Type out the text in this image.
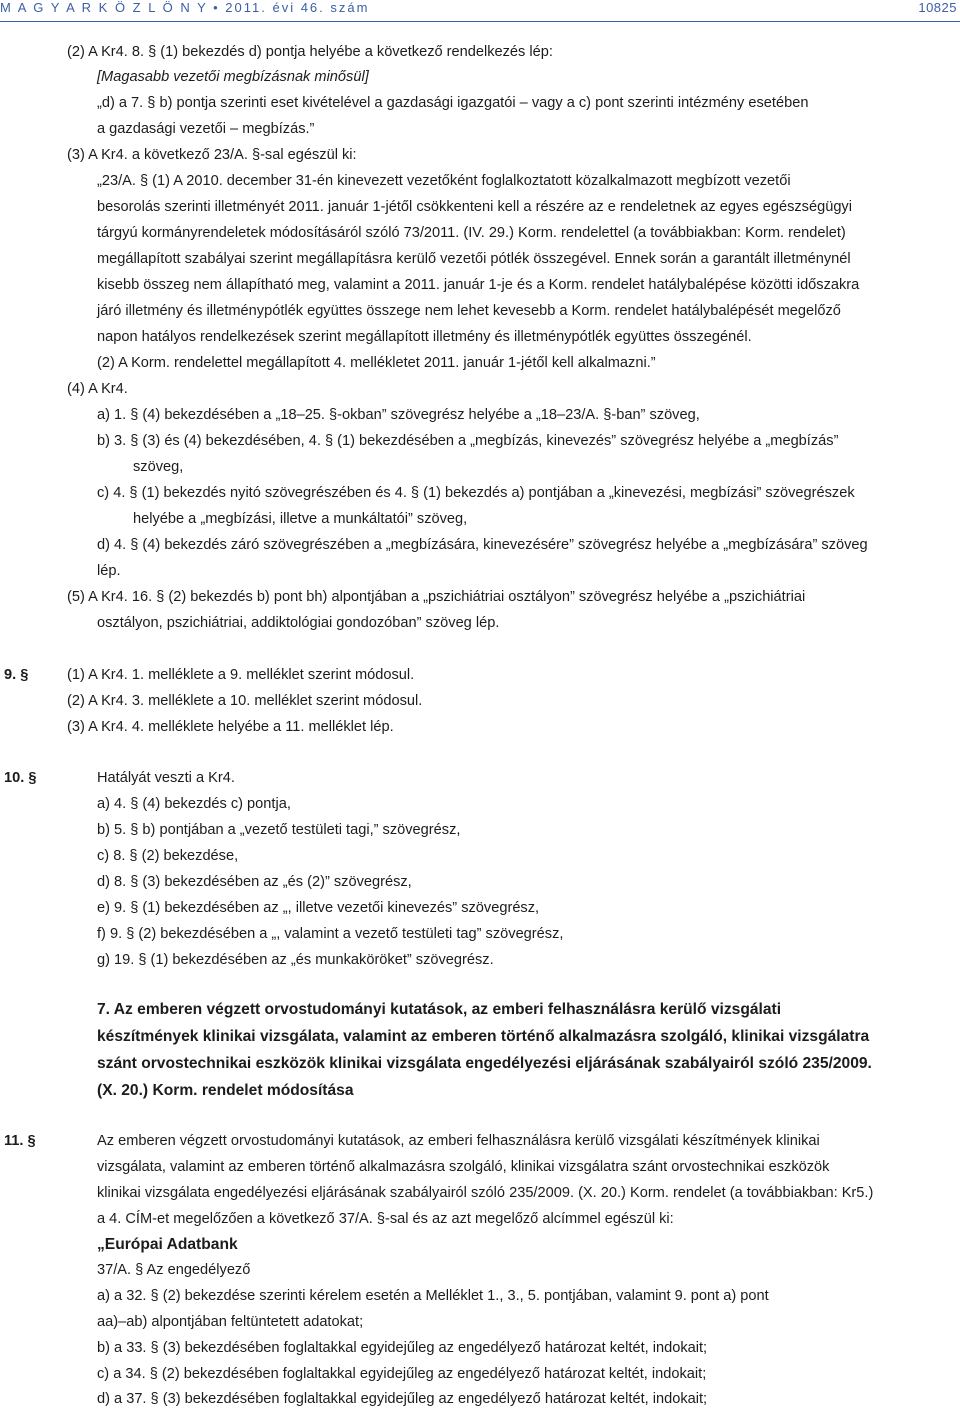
M A G Y A R K Ö Z L Ö N Y • 2011. évi 46. szám	10825
(2) A Kr4. 8. § (1) bekezdés d) pontja helyébe a következő rendelkezés lép:
[Magasabb vezetői megbízásnak minősül]
„d) a 7. § b) pontja szerinti eset kivételével a gazdasági igazgatói – vagy a c) pont szerinti intézmény esetében
a gazdasági vezetői – megbízás.”
(3) A Kr4. a következő 23/A. §-sal egészül ki:
„23/A. § (1) A 2010. december 31-én kinevezett vezetőként foglalkoztatott közalkalmazott megbízott vezetői
besorolás szerinti illetményét 2011. január 1-jétől csökkenteni kell a részére az e rendeletnek az egyes egészségügyi
tárgyú kormányrendeletek módosításáról szóló 73/2011. (IV. 29.) Korm. rendelettel (a továbbiakban: Korm. rendelet)
megállapított szabályai szerint megállapításra kerülő vezetői pótlék összegével. Ennek során a garantált illetménynél
kisebb összeg nem állapítható meg, valamint a 2011. január 1-je és a Korm. rendelet hatálybalépése közötti időszakra
járó illetmény és illetménypótlék együttes összege nem lehet kevesebb a Korm. rendelet hatálybalépését megelőző
napon hatályos rendelkezések szerint megállapított illetmény és illetménypótlék együttes összegénél.
(2) A Korm. rendelettel megállapított 4. mellékletet 2011. január 1-jétől kell alkalmazni.”
(4) A Kr4.
a) 1. § (4) bekezdésében a „18–25. §-okban” szövegrész helyébe a „18–23/A. §-ban” szöveg,
b) 3. § (3) és (4) bekezdésében, 4. § (1) bekezdésében a „megbízás, kinevezés” szövegrész helyébe a „megbízás”
szöveg,
c) 4. § (1) bekezdés nyitó szövegrészében és 4. § (1) bekezdés a) pontjában a „kinevezési, megbízási” szövegrészek
helyébe a „megbízási, illetve a munkáltatói” szöveg,
d) 4. § (4) bekezdés záró szövegrészében a „megbízására, kinevezésére” szövegrész helyébe a „megbízására” szöveg
lép.
(5) A Kr4. 16. § (2) bekezdés b) pont bh) alpontjában a „pszichiátriai osztályon” szövegrész helyébe a „pszichiátriai
osztályon, pszichiátriai, addiktológiai gondozóban” szöveg lép.
9. §	(1) A Kr4. 1. melléklete a 9. melléklet szerint módosul.
(2) A Kr4. 3. melléklete a 10. melléklet szerint módosul.
(3) A Kr4. 4. melléklete helyébe a 11. melléklet lép.
10. §	Hatályát veszti a Kr4.
a) 4. § (4) bekezdés c) pontja,
b) 5. § b) pontjában a „vezető testületi tagi,” szövegrész,
c) 8. § (2) bekezdése,
d) 8. § (3) bekezdésében az „és (2)” szövegrész,
e) 9. § (1) bekezdésében az „, illetve vezetői kinevezés” szövegrész,
f) 9. § (2) bekezdésében a „, valamint a vezető testületi tag” szövegrész,
g) 19. § (1) bekezdésében az „és munkaköröket” szövegrész.
7. Az emberen végzett orvostudományi kutatások, az emberi felhasználásra kerülő vizsgálati
készítmények klinikai vizsgálata, valamint az emberen történő alkalmazásra szolgáló, klinikai vizsgálatra
szánt orvostechnikai eszközök klinikai vizsgálata engedélyezési eljárásának szabályairól szóló 235/2009.
(X. 20.) Korm. rendelet módosítása
11. §	Az emberen végzett orvostudományi kutatások, az emberi felhasználásra kerülő vizsgálati készítmények klinikai
vizsgálata, valamint az emberen történő alkalmazásra szolgáló, klinikai vizsgálatra szánt orvostechnikai eszközök
klinikai vizsgálata engedélyezési eljárásának szabályairól szóló 235/2009. (X. 20.) Korm. rendelet (a továbbiakban: Kr5.)
a 4. CÍM-et megelőzően a következő 37/A. §-sal és az azt megelőző alcímmel egészül ki:
„Európai Adatbank
37/A. § Az engedélyező
a) a 32. § (2) bekezdése szerinti kérelem esetén a Melléklet 1., 3., 5. pontjában, valamint 9. pont a) pont
aa)–ab) alpontjában feltüntetett adatokat;
b) a 33. § (3) bekezdésében foglaltakkal egyidejűleg az engedélyező határozat keltét, indokait;
c) a 34. § (2) bekezdésében foglaltakkal egyidejűleg az engedélyező határozat keltét, indokait;
d) a 37. § (3) bekezdésében foglaltakkal egyidejűleg az engedélyező határozat keltét, indokait;
